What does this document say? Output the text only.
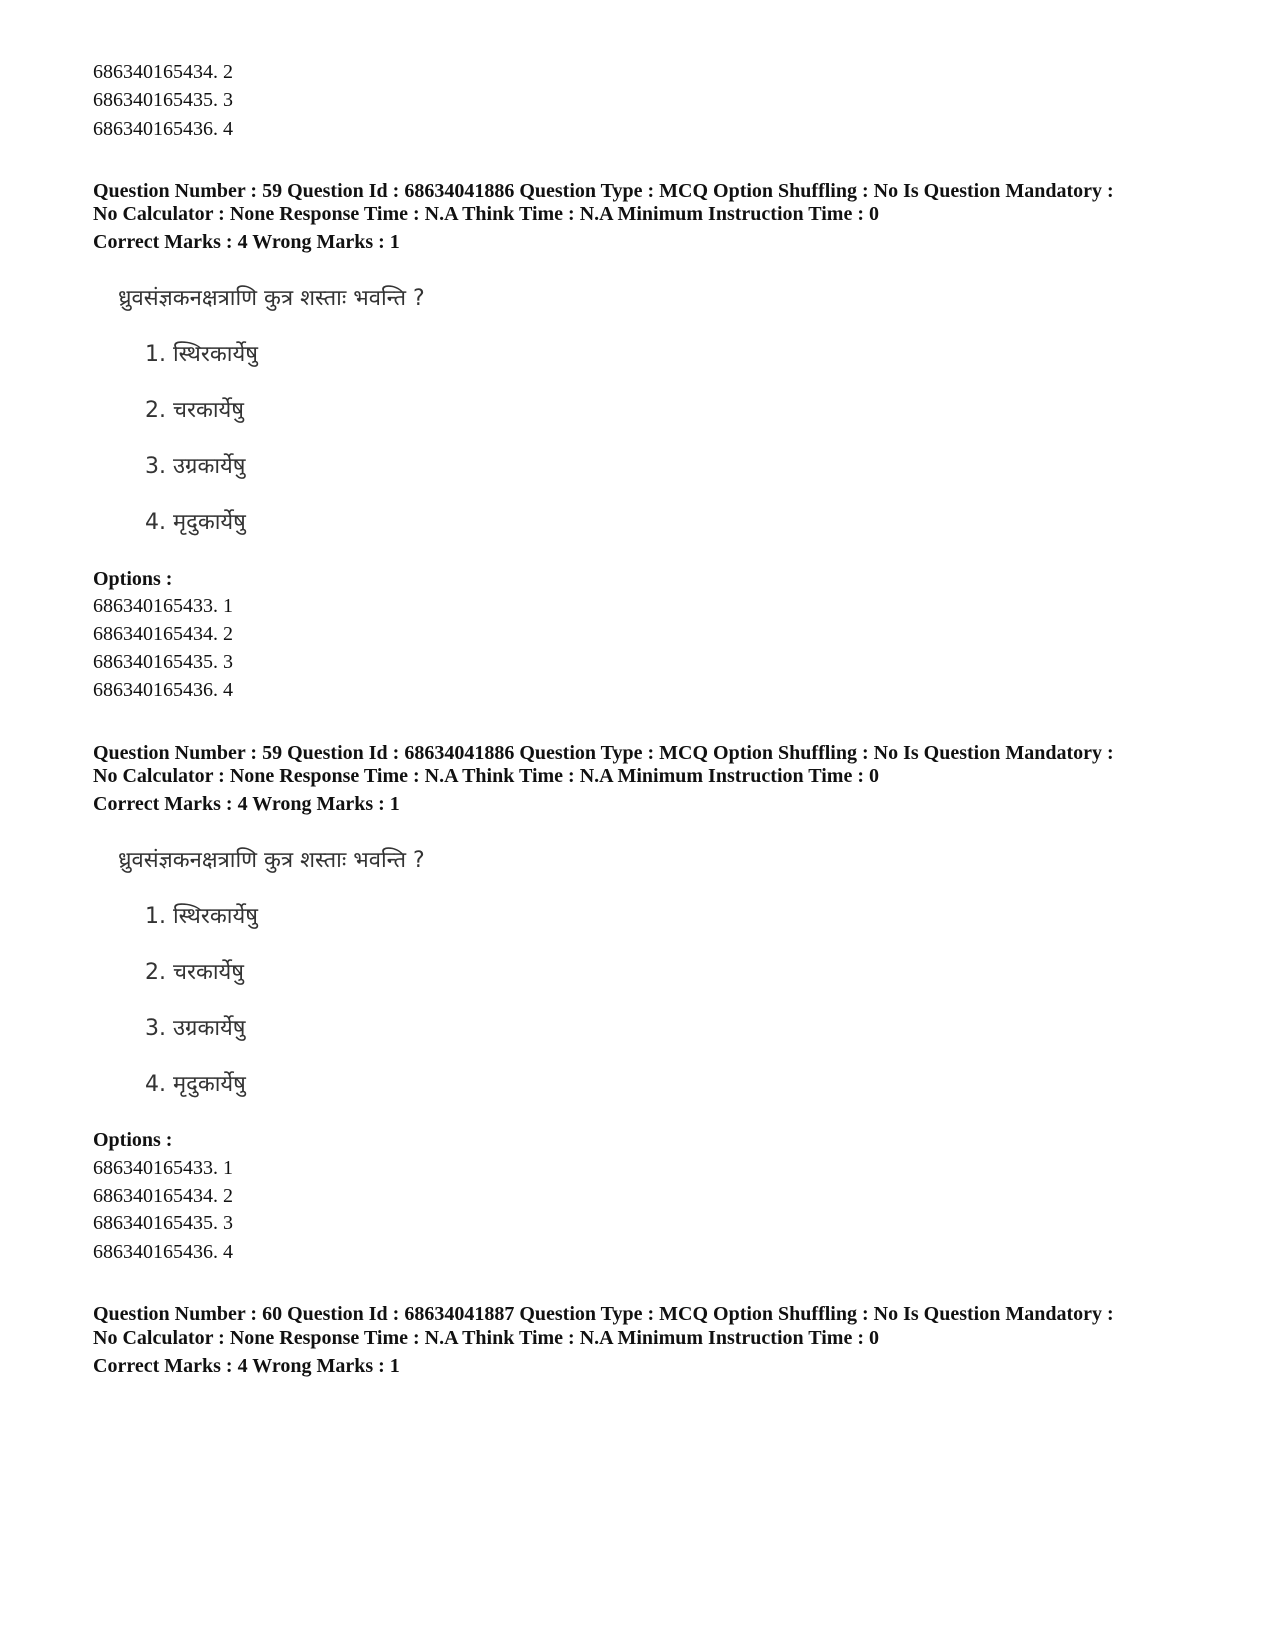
686340165434. 2
686340165435. 3
686340165436. 4
Question Number : 59 Question Id : 68634041886 Question Type : MCQ Option Shuffling : No Is Question Mandatory :
No Calculator : None Response Time : N.A Think Time : N.A Minimum Instruction Time : 0
Correct Marks : 4 Wrong Marks : 1
ध्रुवसंज्ञकनक्षत्राणि कुत्र शस्ताः भवन्ति ?
1. स्थिरकार्येषु
2. चरकार्येषु
3. उग्रकार्येषु
4. मृदुकार्येषु
Options :
686340165433. 1
686340165434. 2
686340165435. 3
686340165436. 4
Question Number : 59 Question Id : 68634041886 Question Type : MCQ Option Shuffling : No Is Question Mandatory :
No Calculator : None Response Time : N.A Think Time : N.A Minimum Instruction Time : 0
Correct Marks : 4 Wrong Marks : 1
ध्रुवसंज्ञकनक्षत्राणि कुत्र शस्ताः भवन्ति ?
1. स्थिरकार्येषु
2. चरकार्येषु
3. उग्रकार्येषु
4. मृदुकार्येषु
Options :
686340165433. 1
686340165434. 2
686340165435. 3
686340165436. 4
Question Number : 60 Question Id : 68634041887 Question Type : MCQ Option Shuffling : No Is Question Mandatory :
No Calculator : None Response Time : N.A Think Time : N.A Minimum Instruction Time : 0
Correct Marks : 4 Wrong Marks : 1
